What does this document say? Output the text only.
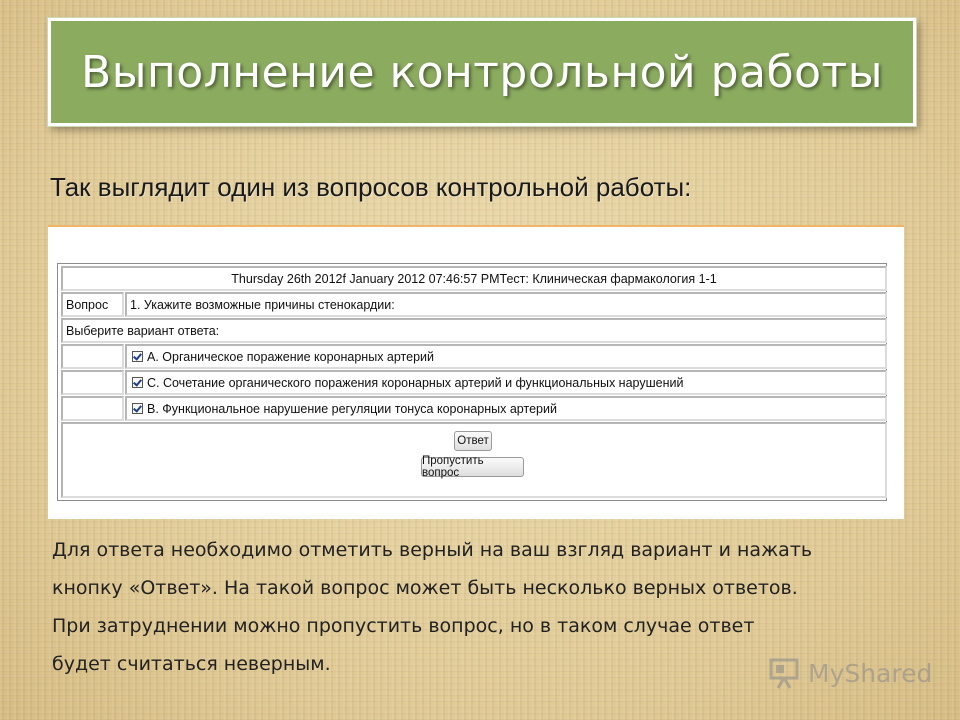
Выполнение контрольной работы
Так выглядит один из вопросов контрольной работы:
Thursday 26th 2012f January 2012 07:46:57 PMТест: Клиническая фармакология 1-1
Вопрос	1. Укажите возможные причины стенокардии:
Выберите вариант ответа:
А. Органическое поражение коронарных артерий
С. Сочетание органического поражения коронарных артерий и функциональных нарушений
В. Функциональное нарушение регуляции тонуса коронарных артерий
Ответ
Пропустить вопрос

Для ответа необходимо отметить верный на ваш взгляд вариант и нажать

кнопку «Ответ». На такой вопрос может быть несколько верных ответов.

При затруднении можно пропустить вопрос, но в таком случае ответ

будет считаться неверным.	MyShared
